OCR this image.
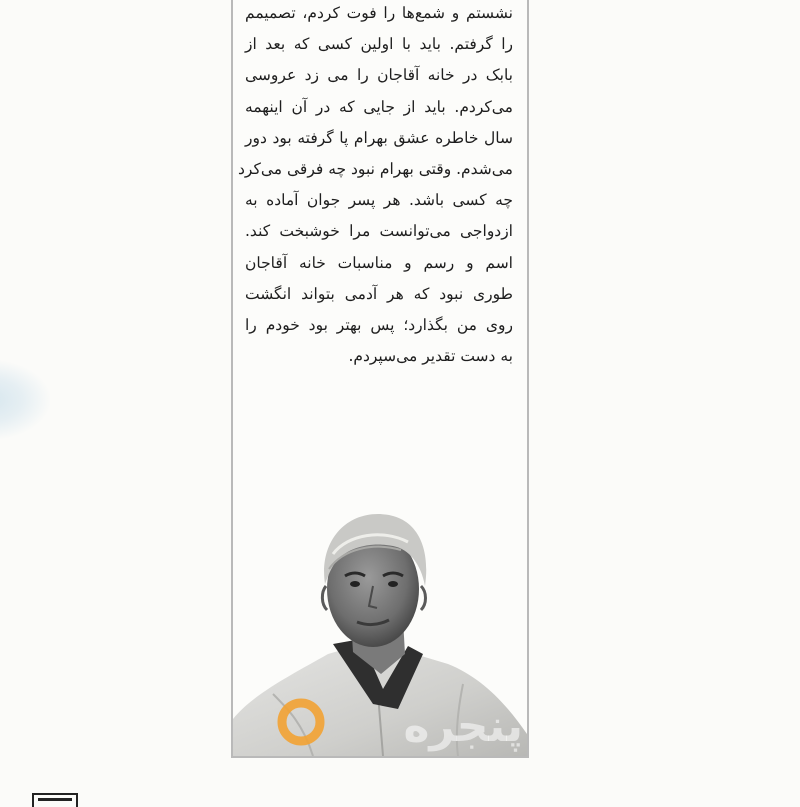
نشستم و شمع‌ها را فوت کردم، تصمیمم
را گرفتم. باید با اولین کسی که بعد از
بابک در خانه آقاجان را می زد عروسی
می‌کردم. باید از جایی که در آن اینهمه
سال خاطره عشق بهرام پا گرفته بود دور
می‌شدم. وقتی بهرام نبود چه فرقی می‌کرد
چه کسی باشد. هر پسر جوان آماده به
ازدواجی می‌توانست مرا خوشبخت کند.
اسم و رسم و مناسبات خانه آقاجان
طوری نبود که هر آدمی بتواند انگشت
روی من بگذارد؛ پس بهتر بود خودم را
به دست تقدیر می‌سپردم.
پنجره
